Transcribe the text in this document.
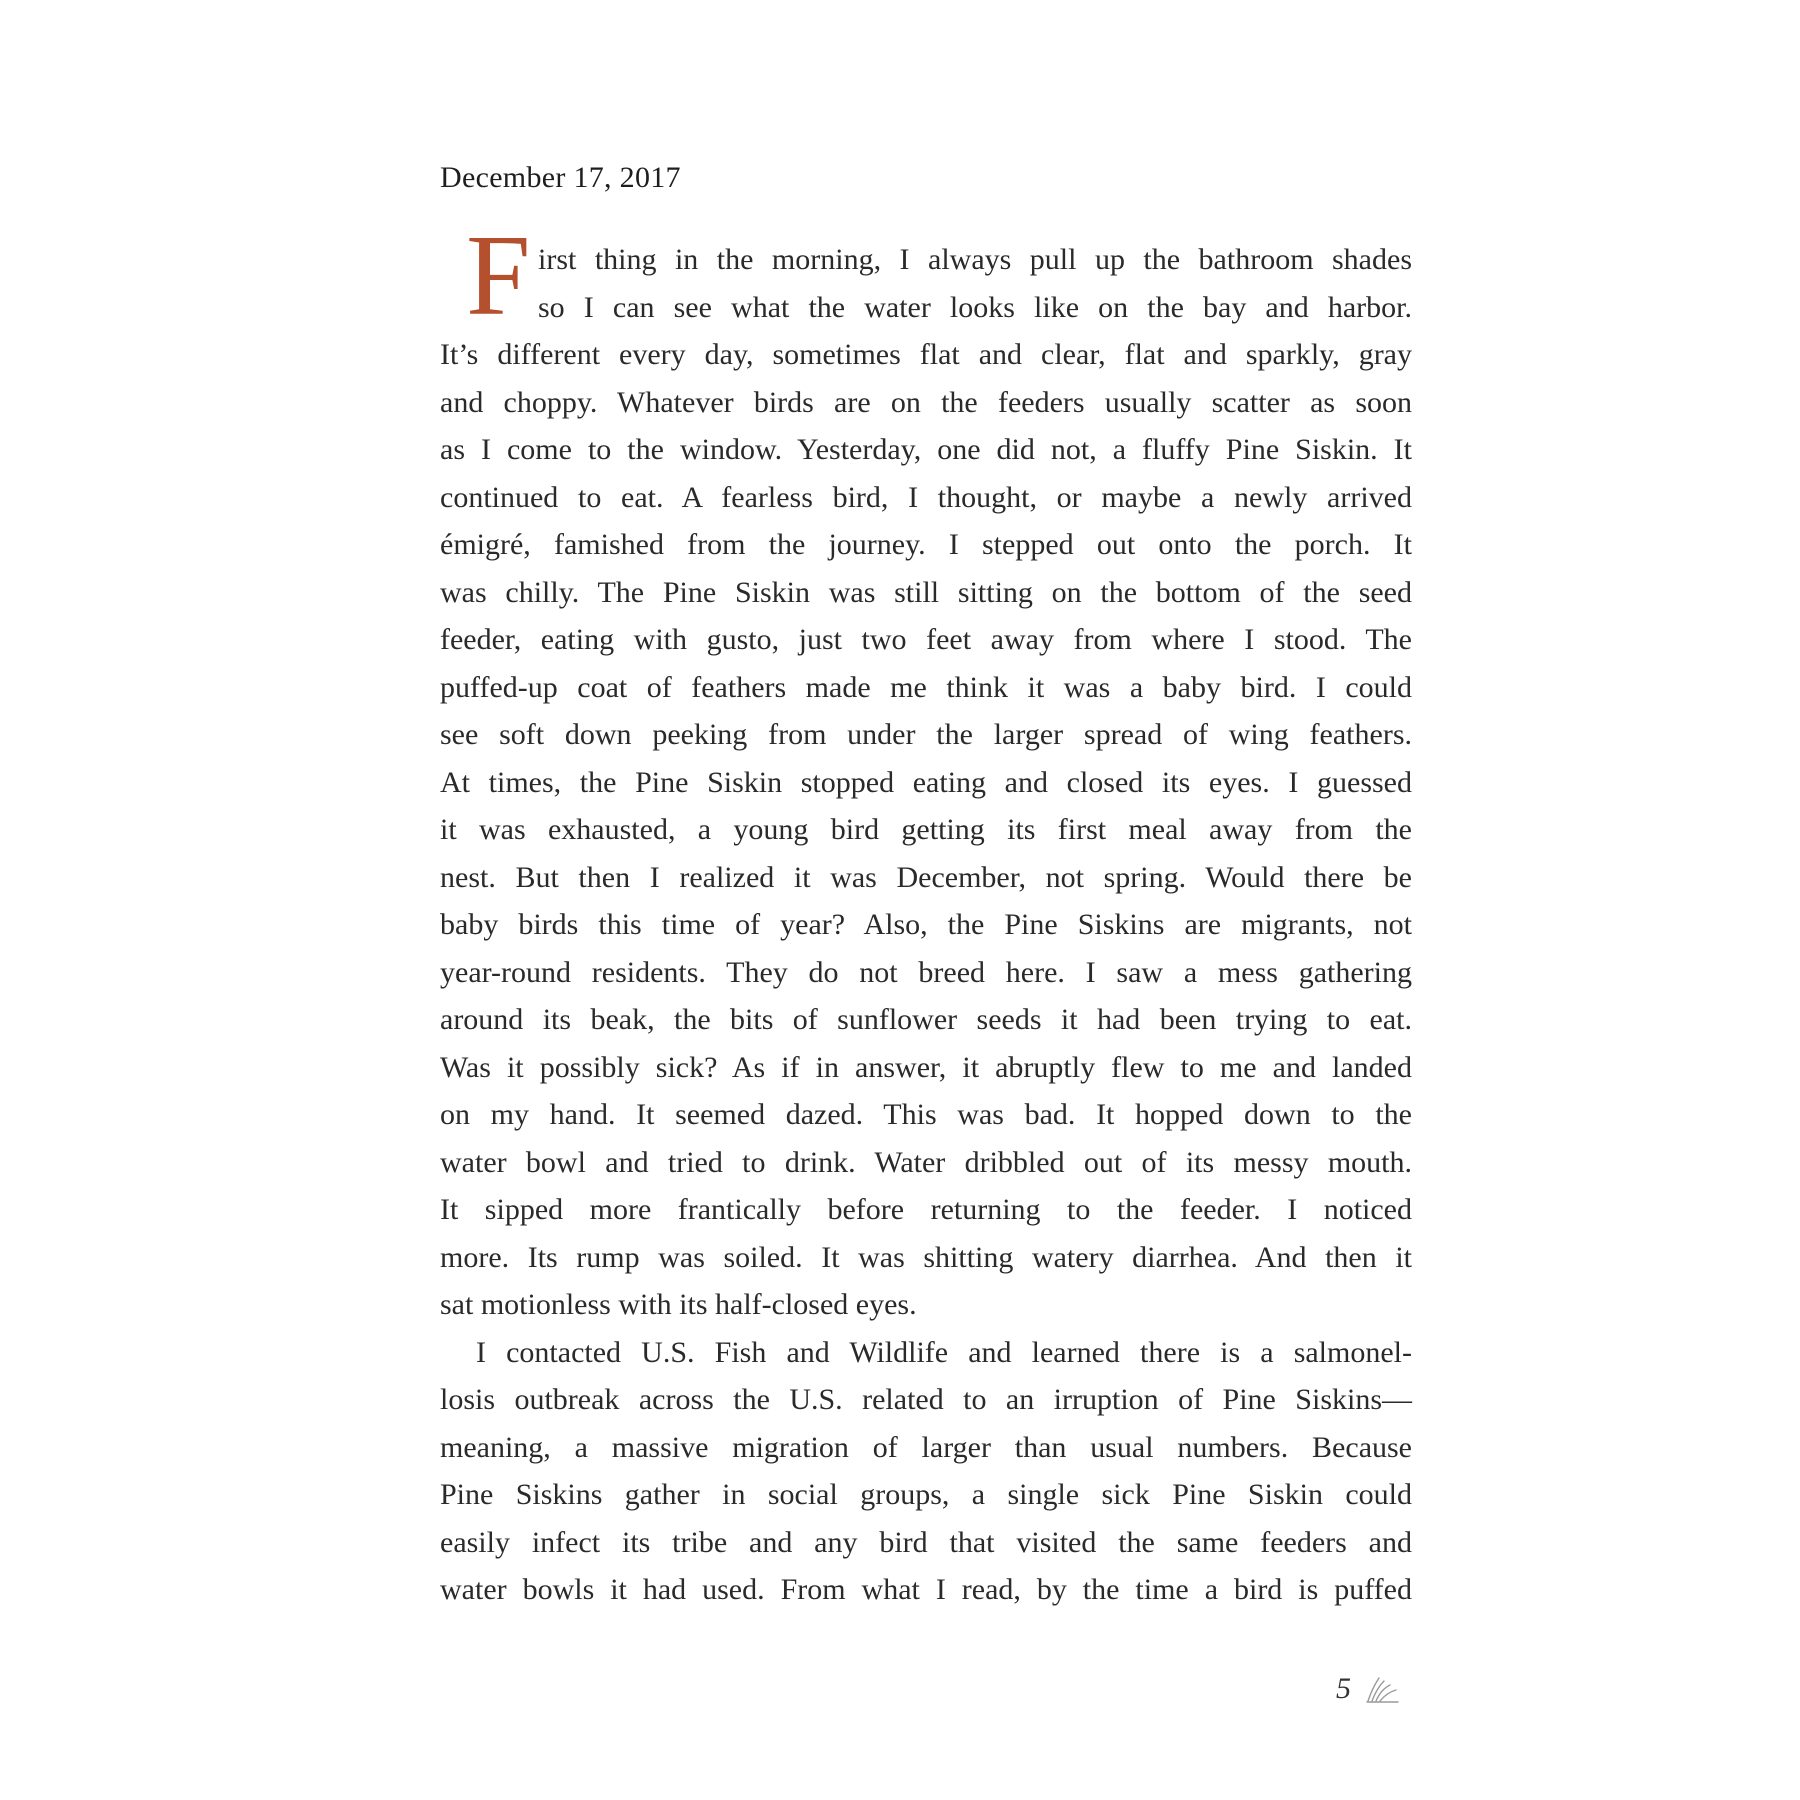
December 17, 2017
F irst thing in the morning, I always pull up the bathroom shades
so I can see what the water looks like on the bay and harbor.
It’s different every day, sometimes flat and clear, flat and sparkly, gray
and choppy. Whatever birds are on the feeders usually scatter as soon
as I come to the window. Yesterday, one did not, a fluffy Pine Siskin. It
continued to eat. A fearless bird, I thought, or maybe a newly arrived
émigré, famished from the journey. I stepped out onto the porch. It
was chilly. The Pine Siskin was still sitting on the bottom of the seed
feeder, eating with gusto, just two feet away from where I stood. The
puffed-up coat of feathers made me think it was a baby bird. I could
see soft down peeking from under the larger spread of wing feathers.
At times, the Pine Siskin stopped eating and closed its eyes. I guessed
it was exhausted, a young bird getting its first meal away from the
nest. But then I realized it was December, not spring. Would there be
baby birds this time of year? Also, the Pine Siskins are migrants, not
year-round residents. They do not breed here. I saw a mess gathering
around its beak, the bits of sunflower seeds it had been trying to eat.
Was it possibly sick? As if in answer, it abruptly flew to me and landed
on my hand. It seemed dazed. This was bad. It hopped down to the
water bowl and tried to drink. Water dribbled out of its messy mouth.
It sipped more frantically before returning to the feeder. I noticed
more. Its rump was soiled. It was shitting watery diarrhea. And then it
sat motionless with its half-closed eyes.
I contacted U.S. Fish and Wildlife and learned there is a salmonel-
losis outbreak across the U.S. related to an irruption of Pine Siskins—
meaning, a massive migration of larger than usual numbers. Because
Pine Siskins gather in social groups, a single sick Pine Siskin could
easily infect its tribe and any bird that visited the same feeders and
water bowls it had used. From what I read, by the time a bird is puffed
5
